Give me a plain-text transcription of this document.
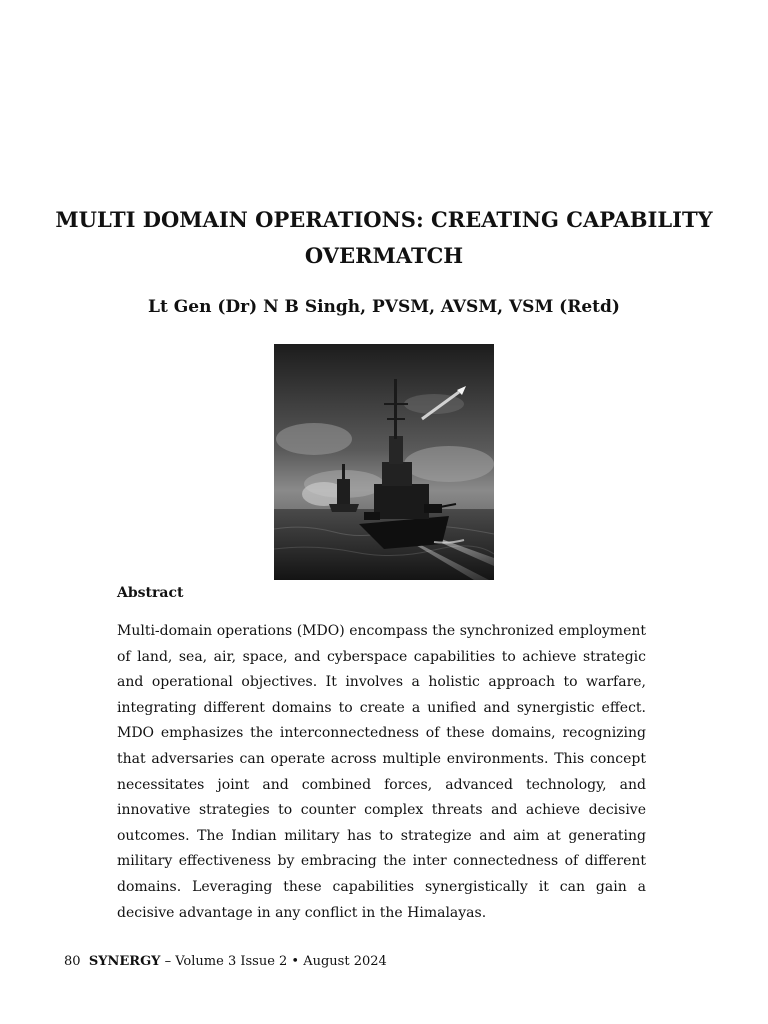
MULTI DOMAIN OPERATIONS: CREATING CAPABILITY
OVERMATCH

Lt Gen (Dr) N B Singh, PVSM, AVSM, VSM (Retd)

Abstract

Multi-domain operations (MDO) encompass the synchronized employment of land, sea, air, space, and cyberspace capabilities to achieve strategic and operational objectives. It involves a holistic approach to warfare, integrating different domains to create a unified and synergistic effect. MDO emphasizes the interconnectedness of these domains, recognizing that adversaries can operate across multiple environments. This concept necessitates joint and combined forces, advanced technology, and innovative strategies to counter complex threats and achieve decisive outcomes. The Indian military has to strategize and aim at generating military effectiveness by embracing the inter connectedness of different domains. Leveraging these capabilities synergistically it can gain a decisive advantage in any conflict in the Himalayas.

80 SYNERGY – Volume 3 Issue 2 • August 2024
